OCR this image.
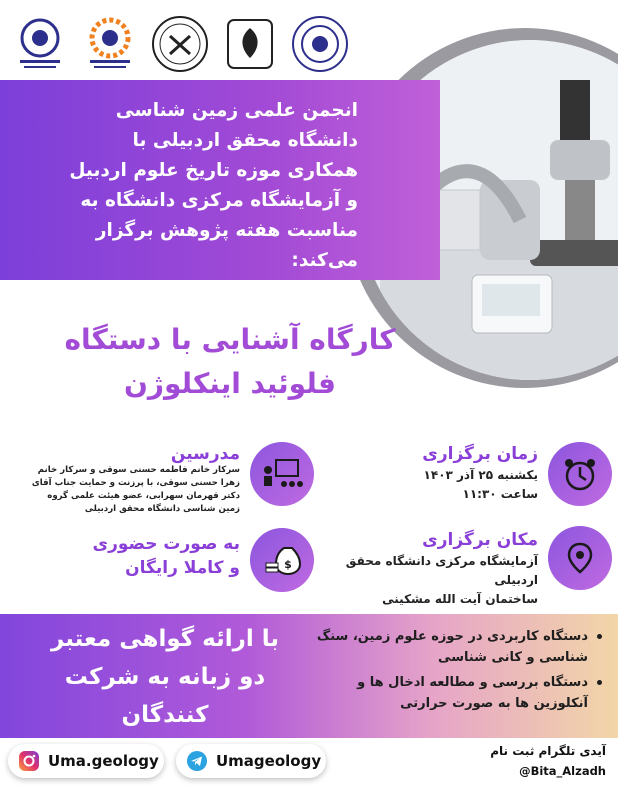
انجمن علمی زمین شناسی
دانشگاه محقق اردبیلی با
همکاری موزه تاریخ علوم اردبیل
و آزمایشگاه مرکزی دانشگاه به
مناسبت هفته پژوهش برگزار
می‌کند:
کارگاه آشنایی با دستگاه
فلوئید اینکلوژن
زمان برگزاری
یکشنبه ۲۵ آذر ۱۴۰۳
ساعت ۱۱:۳۰
مکان برگزاری
آزمایشگاه مرکزی دانشگاه محقق اردبیلی
ساختمان آیت الله مشکینی
مدرسین
سرکار خانم فاطمه حسنی سوقی و سرکار خانم
زهرا حسنی سوقی، با پرزنت و حمایت جناب آقای
دکتر قهرمان سهرابی، عضو هیئت علمی گروه
زمین شناسی دانشگاه محقق اردبیلی
$
به صورت حضوری
و کاملا رایگان
با ارائه گواهی معتبر
دو زبانه به شرکت
کنندگان
دستگاه کاربردی در حوزه علوم زمین، سنگ شناسی و کانی شناسی
دستگاه بررسی و مطالعه ادخال ها و آنکلوزین ها به صورت حرارتی
Uma.geology	Umageology
آیدی تلگرام ثبت نام
@Bita_Alzadh
